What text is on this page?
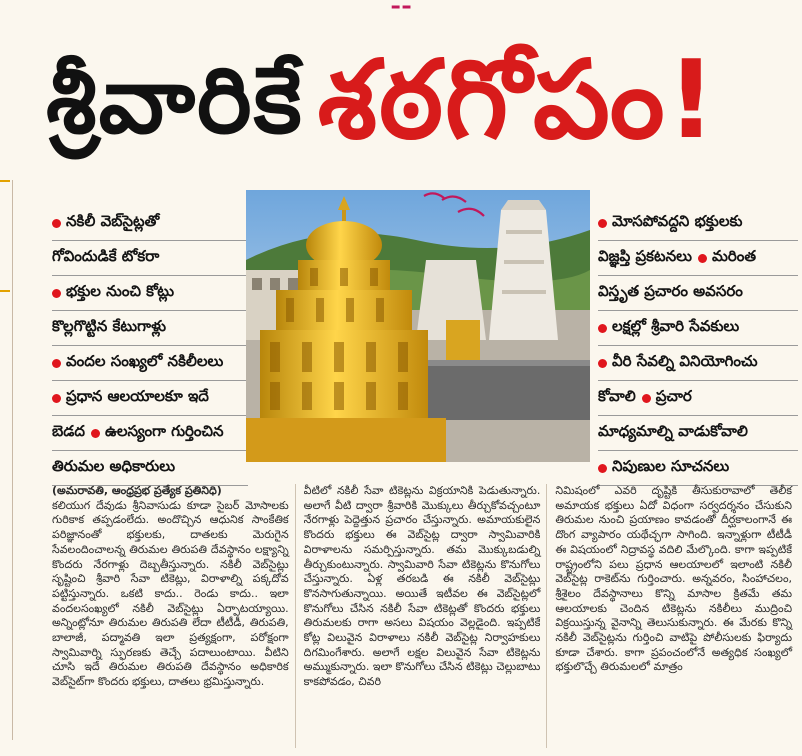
▂ ▂
శ్రీవారికే శఠగోపం!
నకిలీ వెబ్‌సైట్లతో
గోవిందుడికే టోకరా
భక్తుల నుంచి కోట్లు
కొల్లగొట్టిన కేటుగాళ్లు
వందల సంఖ్యలో నకిలీలలు
ప్రధాన ఆలయాలకూ ఇదే
బెడద ఉలస్యంగా గుర్తించిన
తిరుమల అధికారులు
మోసపోవద్దని భక్తులకు
విజ్ఞప్తి ప్రకటనలు మరింత
విస్తృత ప్రచారం అవసరం
లక్షల్లో శ్రీవారి సేవకులు
వీరి సేవల్ని వినియోగించు
కోవాలి ప్రచార
మాధ్యమాల్ని వాడుకోవాలి
నిపుణుల సూచనలు

(అమరావతి, ఆంధ్రప్రభ ప్రత్యేక ప్రతినిధి)

కలియుగ దేవుడు శ్రీనివాసుడు కూడా సైబర్ మోసాలకు గురికాక తప్పడంలేదు. అందొచ్చిన ఆధునిక సాంకేతిక పరిజ్ఞానంతో భక్తులకు, దాతలకు మెరుగైన సేవలందించాలన్న తిరుమల తిరుపతి దేవస్థానం లక్ష్యాన్ని కొందరు నేరగాళ్లు దెబ్బతీస్తున్నారు. నకిలీ వెబ్‌సైట్లు సృష్టించి శ్రీవారి సేవా టికెట్లు, విరాళాల్ని పక్కదోవ పట్టిస్తున్నారు. ఒకటి కాదు.. రెండు కాదు.. ఇలా వందలసంఖ్యలో నకిలీ వెబ్‌సైట్లు ఏర్పాటయ్యాయి. అన్నింట్లోనూ తిరుమల తిరుపతి లేదా టీటీడీ, తిరుపతి, బాలాజీ, పద్మావతి ఇలా ప్రత్యక్షంగా, పరోక్షంగా స్వామివార్ని స్ఫురణకు తెచ్చే పదాలుంటాయి. వీటిని చూసి ఇదే తిరుమల తిరుపతి దేవస్థానం అధికారిక వెబ్‌సైట్‌గా కొందరు భక్తులు, దాతలు భ్రమిస్తున్నారు.

వీటిలో నకిలీ సేవా టికెట్లను విక్రయానికి పెడుతున్నారు. అలాగే వీటి ద్వారా శ్రీవారికి మొక్కులు తీర్చుకోవచ్చంటూ నేరగాళ్లు పెద్దెత్తున ప్రచారం చేస్తున్నారు. అమాయకులైన కొందరు భక్తులు ఈ వెబ్‌సైట్ల ద్వారా స్వామివారికి విరాళాలను సమర్పిస్తున్నారు. తమ మొక్కుబడుల్ని తీర్చుకుంటున్నారు. స్వామివారి సేవా టికెట్లను కొనుగోలు చేస్తున్నారు. ఏళ్ల తరబడి ఈ నకిలీ వెబ్‌సైట్లు కొనసాగుతున్నాయి. అయితే ఇటీవల ఈ వెబ్‌సైట్లలో కొనుగోలు చేసిన నకిలీ సేవా టికెట్లతో కొందరు భక్తులు తిరుమలకు రాగా అసలు విషయం వెల్లడైంది. ఇప్పటికే కోట్ల విలువైన విరాళాలు నకిలీ వెబ్‌సైట్ల నిర్వాహకులు దిగమింగేశారు. అలాగే లక్షల విలువైన సేవా టికెట్లను అమ్ముకున్నారు. ఇలా కొనుగోలు చేసిన టికెట్లు చెల్లుబాటు కాకపోవడం, చివరి

నిమిషంలో ఎవరి దృష్టికి తీసుకురావాలో తెలీక అమాయక భక్తులు ఏదో విధంగా సర్వదర్శనం చేసుకుని తిరుమల నుంచి ప్రయాణం కావడంతో దీర్ఘకాలంగానే ఈ దొంగ వ్యాపారం యథేచ్ఛగా సాగింది. ఇన్నాళ్లుగా టీటీడీ ఈ విషయంలో నిద్రావస్థ వదిలి మేల్కొంది. కాగా ఇప్పటికే రాష్ట్రంలోని పలు ప్రధాన ఆలయాలలో ఇలాంటి నకిలీ వెబ్‌సైట్ల రాకెట్‌ను గుర్తించారు. అన్నవరం, సింహాచలం, శ్రీశైలం దేవస్థానాలు కొన్ని మాసాల క్రితమే తమ ఆలయాలకు చెందిన టికెట్లను నకిలీలు ముద్రించి విక్రయిస్తున్న వైనాన్ని తెలుసుకున్నారు. ఈ మేరకు కొన్ని నకిలీ వెబ్‌సైట్లను గుర్తించి వాటిపై పోలీసులకు ఫిర్యాదు కూడా చేశారు. కాగా ప్రపంచంలోనే అత్యధిక సంఖ్యలో భక్తులొచ్చే తిరుమలలో మాత్రం
